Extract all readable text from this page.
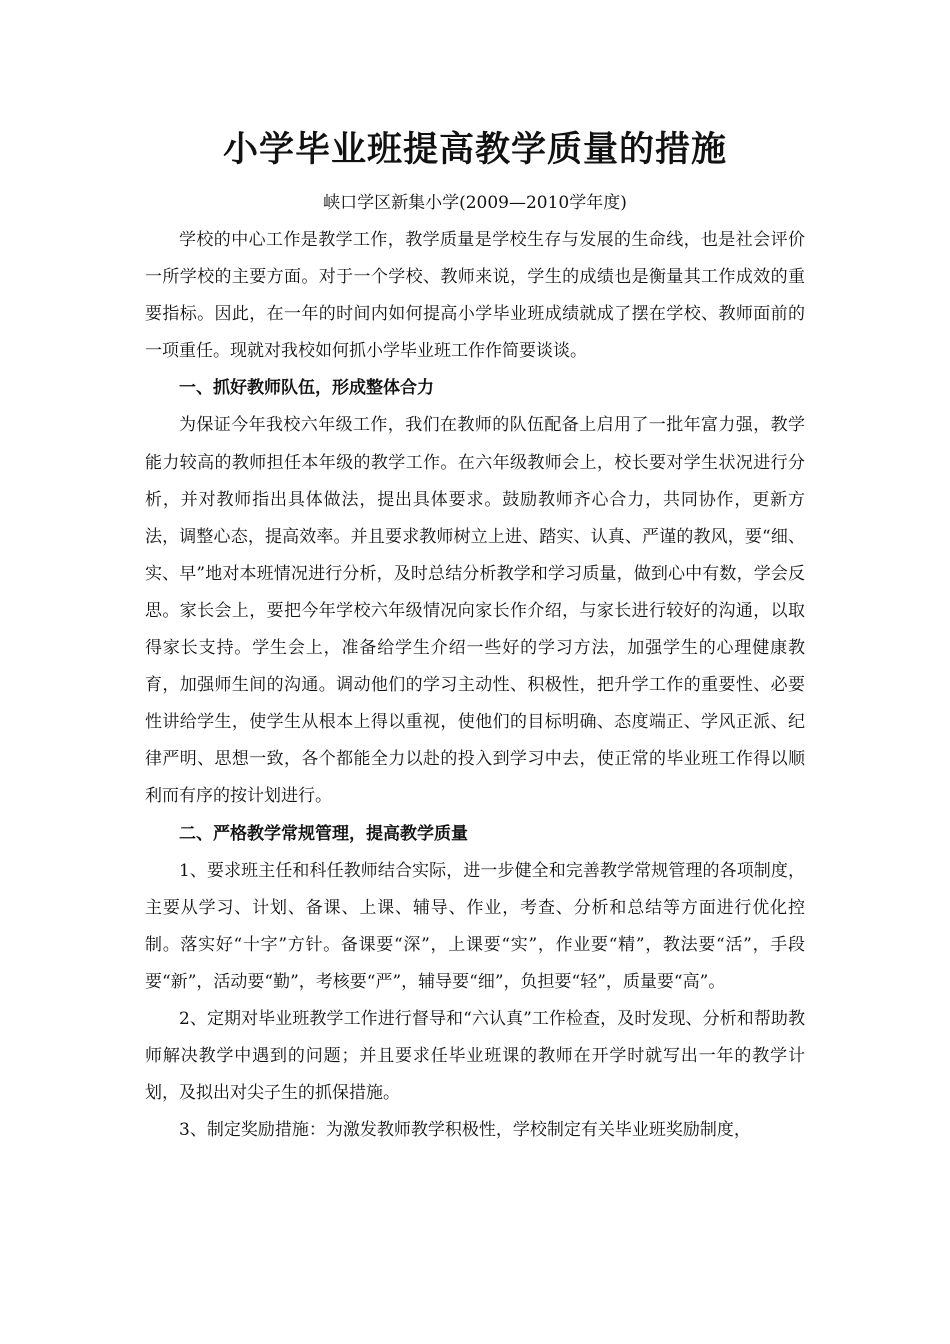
小学毕业班提高教学质量的措施
峡口学区新集小学(2009—2010学年度)

学校的中心工作是教学工作，教学质量是学校生存与发展的生命线，也是社会评价一所学校的主要方面。对于一个学校、教师来说，学生的成绩也是衡量其工作成效的重要指标。因此，在一年的时间内如何提高小学毕业班成绩就成了摆在学校、教师面前的一项重任。现就对我校如何抓小学毕业班工作作简要谈谈。

一、抓好教师队伍，形成整体合力

为保证今年我校六年级工作，我们在教师的队伍配备上启用了一批年富力强，教学能力较高的教师担任本年级的教学工作。在六年级教师会上，校长要对学生状况进行分析，并对教师指出具体做法，提出具体要求。鼓励教师齐心合力，共同协作，更新方法，调整心态，提高效率。并且要求教师树立上进、踏实、认真、严谨的教风，要“细、实、早”地对本班情况进行分析，及时总结分析教学和学习质量，做到心中有数，学会反思。家长会上，要把今年学校六年级情况向家长作介绍，与家长进行较好的沟通，以取得家长支持。学生会上，准备给学生介绍一些好的学习方法，加强学生的心理健康教育，加强师生间的沟通。调动他们的学习主动性、积极性，把升学工作的重要性、必要性讲给学生，使学生从根本上得以重视，使他们的目标明确、态度端正、学风正派、纪律严明、思想一致，各个都能全力以赴的投入到学习中去，使正常的毕业班工作得以顺利而有序的按计划进行。

二、严格教学常规管理，提高教学质量

1、要求班主任和科任教师结合实际，进一步健全和完善教学常规管理的各项制度，主要从学习、计划、备课、上课、辅导、作业，考查、分析和总结等方面进行优化控制。落实好“十字”方针。备课要“深”，上课要“实”，作业要“精”，教法要“活”，手段要“新”，活动要“勤”，考核要“严”，辅导要“细”，负担要“轻”，质量要“高”。

2、定期对毕业班教学工作进行督导和“六认真”工作检查，及时发现、分析和帮助教师解决教学中遇到的问题；并且要求任毕业班课的教师在开学时就写出一年的教学计划，及拟出对尖子生的抓保措施。

3、制定奖励措施：为激发教师教学积极性，学校制定有关毕业班奖励制度，
